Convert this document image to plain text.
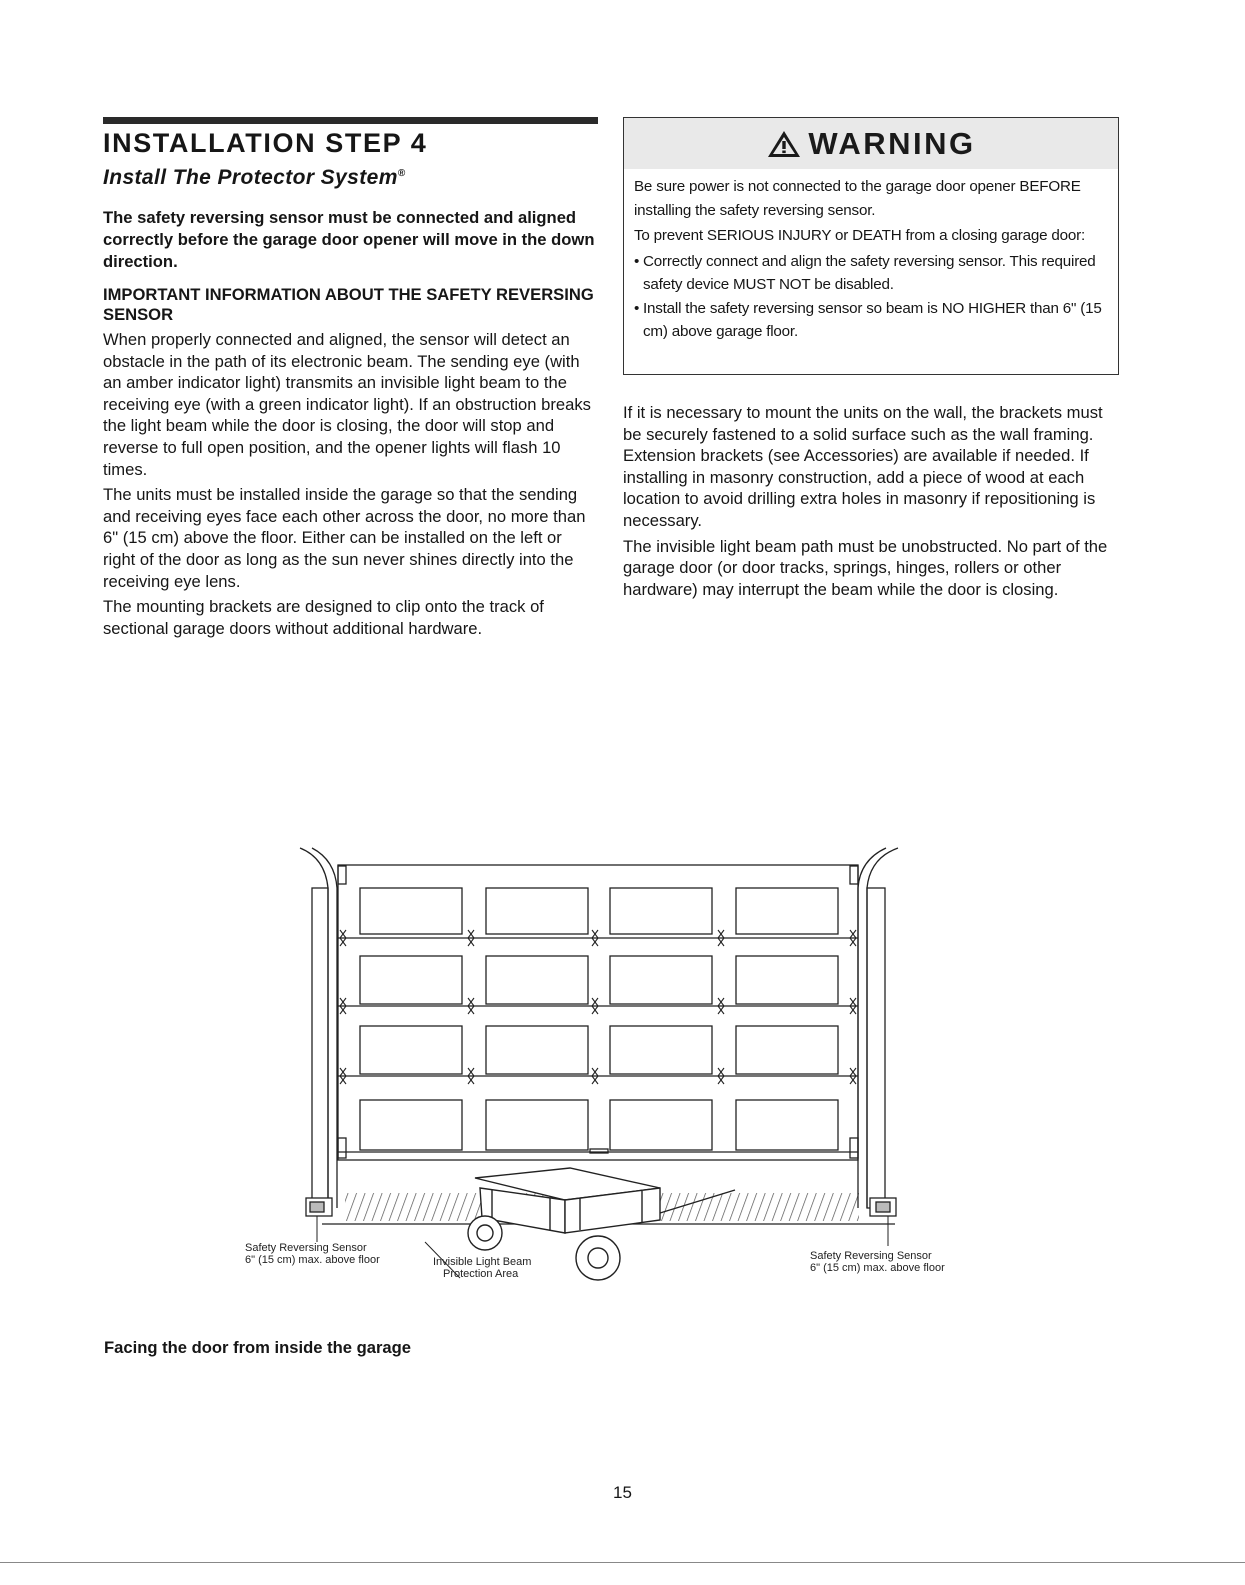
INSTALLATION STEP 4
Install The Protector System®

The safety reversing sensor must be connected and aligned correctly before the garage door opener will move in the down direction.

IMPORTANT INFORMATION ABOUT THE SAFETY REVERSING SENSOR

When properly connected and aligned, the sensor will detect an obstacle in the path of its electronic beam. The sending eye (with an amber indicator light) transmits an invisible light beam to the receiving eye (with a green indicator light). If an obstruction breaks the light beam while the door is closing, the door will stop and reverse to full open position, and the opener lights will flash 10 times.

The units must be installed inside the garage so that the sending and receiving eyes face each other across the door, no more than 6" (15 cm) above the floor. Either can be installed on the left or right of the door as long as the sun never shines directly into the receiving eye lens.

The mounting brackets are designed to clip onto the track of sectional garage doors without additional hardware.

WARNING

Be sure power is not connected to the garage door opener BEFORE installing the safety reversing sensor.

To prevent SERIOUS INJURY or DEATH from a closing garage door:

• Correctly connect and align the safety reversing sensor. This required safety device MUST NOT be disabled.
• Install the safety reversing sensor so beam is NO HIGHER than 6" (15 cm) above garage floor.

If it is necessary to mount the units on the wall, the brackets must be securely fastened to a solid surface such as the wall framing. Extension brackets (see Accessories) are available if needed. If installing in masonry construction, add a piece of wood at each location to avoid drilling extra holes in masonry if repositioning is necessary.

The invisible light beam path must be unobstructed. No part of the garage door (or door tracks, springs, hinges, rollers or other hardware) may interrupt the beam while the door is closing.

Safety Reversing Sensor
6" (15 cm) max. above floor	Invisible Light Beam
Protection Area
Safety Reversing Sensor
6" (15 cm) max. above floor
Facing the door from inside the garage
15
